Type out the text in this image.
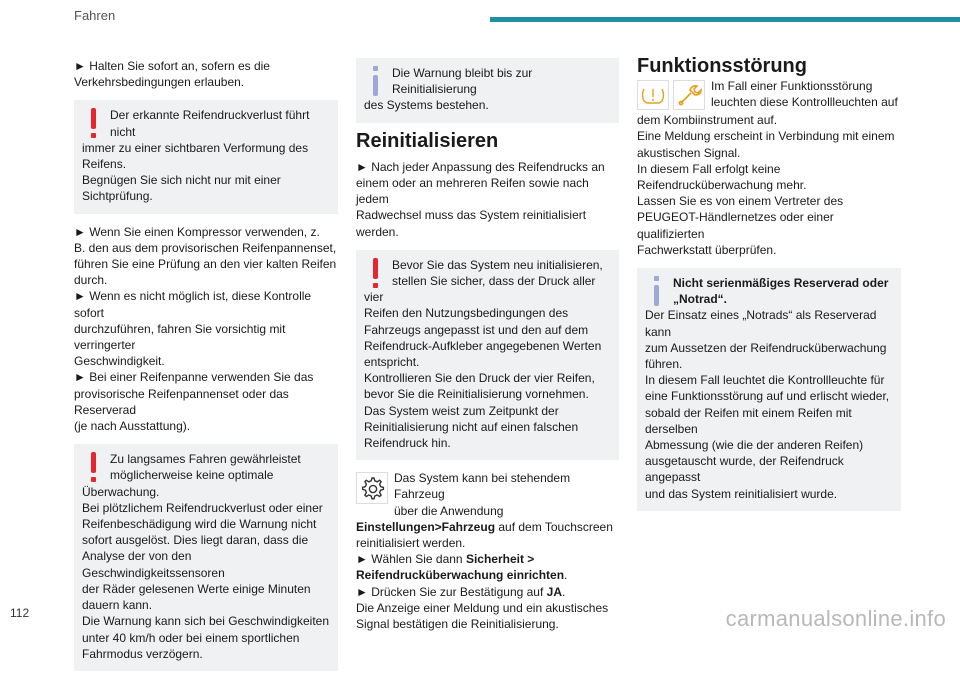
Fahren

► Halten Sie sofort an, sofern es die Verkehrsbedingungen erlauben.

Der erkannte Reifendruckverlust führt nicht
immer zu einer sichtbaren Verformung des
Reifens.
Begnügen Sie sich nicht nur mit einer
Sichtprüfung.
► Wenn Sie einen Kompressor verwenden, z.
B. den aus dem provisorischen Reifenpannenset,
führen Sie eine Prüfung an den vier kalten Reifen
durch.
► Wenn es nicht möglich ist, diese Kontrolle sofort
durchzuführen, fahren Sie vorsichtig mit verringerter
Geschwindigkeit.
► Bei einer Reifenpanne verwenden Sie das
provisorische Reifenpannenset oder das Reserverad
(je nach Ausstattung).
Zu langsames Fahren gewährleistet
möglicherweise keine optimale
Überwachung.
Bei plötzlichem Reifendruckverlust oder einer
Reifenbeschädigung wird die Warnung nicht
sofort ausgelöst. Dies liegt daran, dass die
Analyse der von den Geschwindigkeitssensoren
der Räder gelesenen Werte einige Minuten
dauern kann.
Die Warnung kann sich bei Geschwindigkeiten
unter 40 km/h oder bei einem sportlichen
Fahrmodus verzögern.
Die Warnung bleibt bis zur Reinitialisierung
des Systems bestehen.
Reinitialisieren
► Nach jeder Anpassung des Reifendrucks an
einem oder an mehreren Reifen sowie nach jedem
Radwechsel muss das System reinitialisiert werden.
Bevor Sie das System neu initialisieren,
stellen Sie sicher, dass der Druck aller vier
Reifen den Nutzungsbedingungen des
Fahrzeugs angepasst ist und den auf dem
Reifendruck-Aufkleber angegebenen Werten
entspricht.
Kontrollieren Sie den Druck der vier Reifen,
bevor Sie die Reinitialisierung vornehmen.
Das System weist zum Zeitpunkt der
Reinitialisierung nicht auf einen falschen
Reifendruck hin.
Das System kann bei stehendem Fahrzeug
über die Anwendung
Einstellungen>Fahrzeug auf dem Touchscreen
reinitialisiert werden.
► Wählen Sie dann Sicherheit >
Reifendrucküberwachung einrichten.
► Drücken Sie zur Bestätigung auf JA.
Die Anzeige einer Meldung und ein akustisches
Signal bestätigen die Reinitialisierung.
Funktionsstörung
Im Fall einer Funktionsstörung
leuchten diese Kontrollleuchten auf
dem Kombiinstrument auf.
Eine Meldung erscheint in Verbindung mit einem
akustischen Signal.
In diesem Fall erfolgt keine
Reifendrucküberwachung mehr.
Lassen Sie es von einem Vertreter des
PEUGEOT-Händlernetzes oder einer qualifizierten
Fachwerkstatt überprüfen.
Nicht serienmäßiges Reserverad oder
„Notrad“.
Der Einsatz eines „Notrads“ als Reserverad kann
zum Aussetzen der Reifendrucküberwachung
führen.
In diesem Fall leuchtet die Kontrollleuchte für
eine Funktionsstörung auf und erlischt wieder,
sobald der Reifen mit einem Reifen mit derselben
Abmessung (wie die der anderen Reifen)
ausgetauscht wurde, der Reifendruck angepasst
und das System reinitialisiert wurde.
112	carmanualsonline.info
